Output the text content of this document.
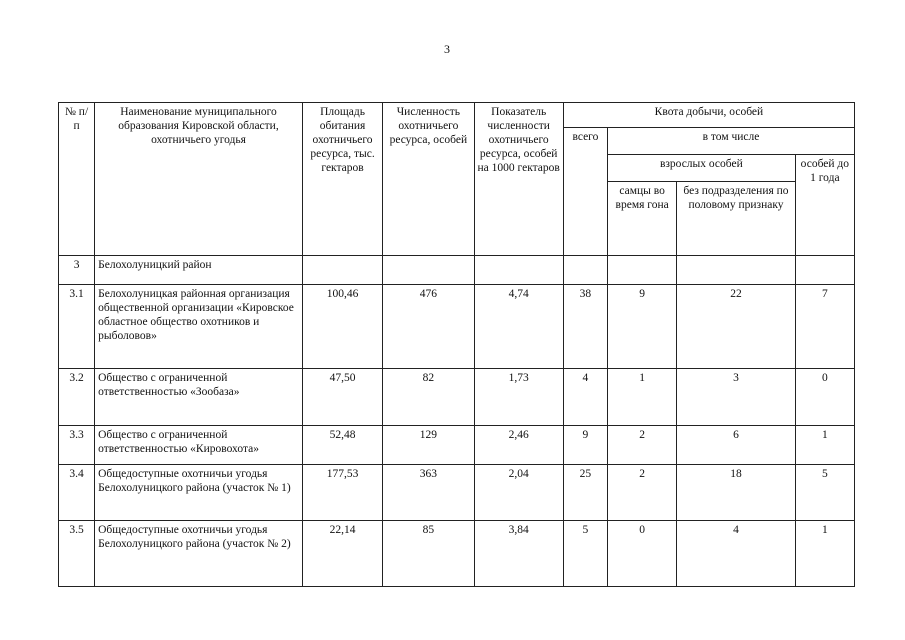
3
№ п/п	Наименование муниципального образования Кировской области, охотничьего угодья	Площадь обитания охотничьего ресурса, тыс. гектаров	Численность охотничьего ресурса, особей	Показатель численности охотничьего ресурса, особей на 1000 гектаров	Квота добычи, особей			
					всего	в том числе		
						взрослых особей		особей до 1 года
						самцы во время гона	без подразделения по половому признаку	
3	Белохолуницкий район							
3.1	Белохолуницкая районная организация общественной организации «Кировское областное общество охотников и рыболовов»	100,46	476	4,74	38	9	22	7
3.2	Общество с ограниченной ответственностью «Зообаза»	47,50	82	1,73	4	1	3	0
3.3	Общество с ограниченной ответственностью «Кировохота»	52,48	129	2,46	9	2	6	1
3.4	Общедоступные охотничьи угодья Белохолуницкого района (участок № 1)	177,53	363	2,04	25	2	18	5
3.5	Общедоступные охотничьи угодья Белохолуницкого района (участок № 2)	22,14	85	3,84	5	0	4	1
